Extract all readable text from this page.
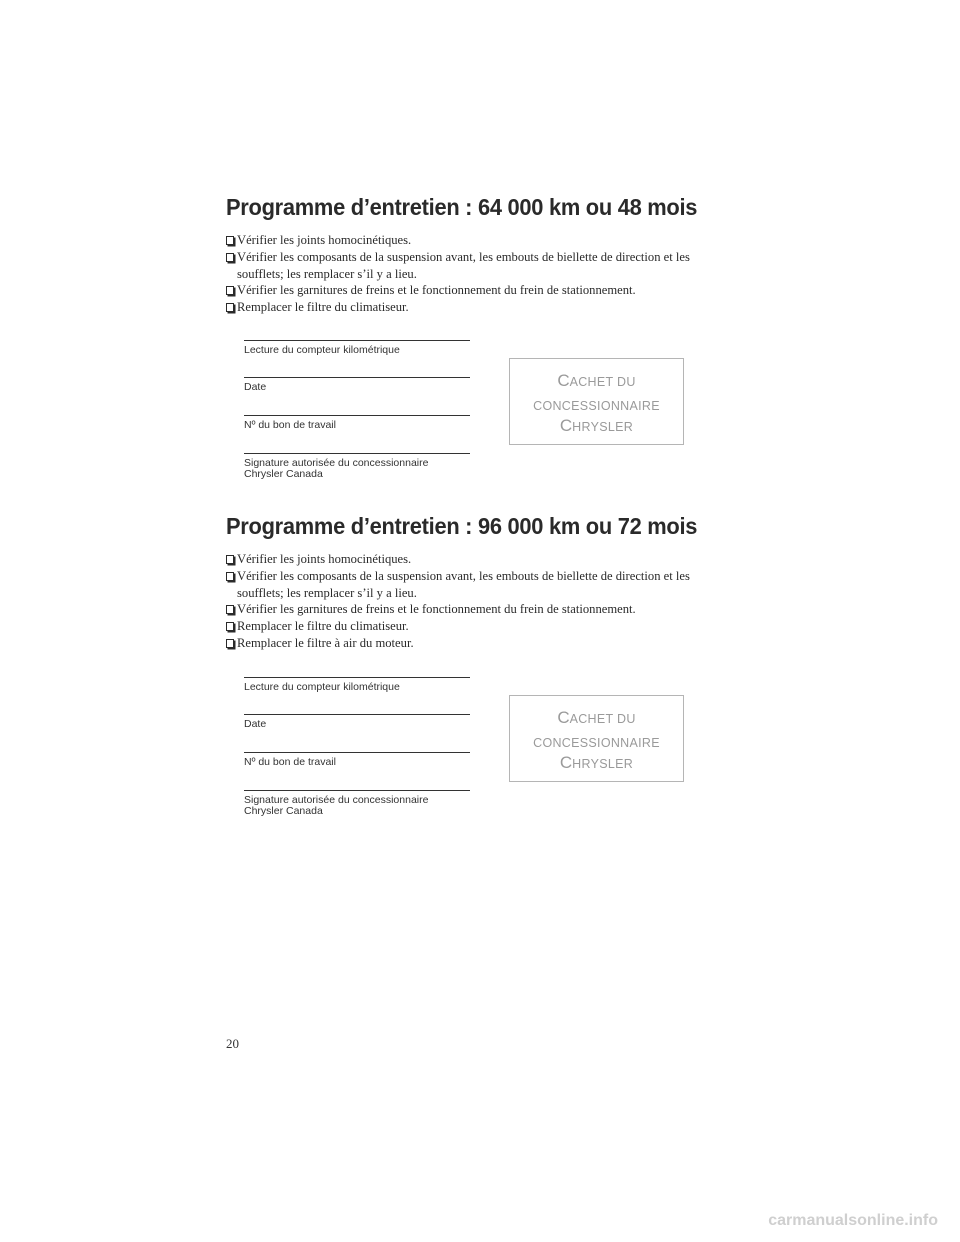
Programme d’entretien : 64 000 km ou 48 mois
Vérifier les joints homocinétiques.
Vérifier les composants de la suspension avant, les embouts de biellette de direction et les soufflets; les remplacer s’il y a lieu.
Vérifier les garnitures de freins et le fonctionnement du frein de stationnement.
Remplacer le filtre du climatiseur.
Lecture du compteur kilométrique
Date
Nº du bon de travail
Signature autorisée du concessionnaire
Chrysler Canada
CACHET DU
CONCESSIONNAIRE
CHRYSLER
Programme d’entretien : 96 000 km ou 72 mois
Vérifier les joints homocinétiques.
Vérifier les composants de la suspension avant, les embouts de biellette de direction et les soufflets; les remplacer s’il y a lieu.
Vérifier les garnitures de freins et le fonctionnement du frein de stationnement.
Remplacer le filtre du climatiseur.
Remplacer le filtre à air du moteur.
Lecture du compteur kilométrique
Date
Nº du bon de travail
Signature autorisée du concessionnaire
Chrysler Canada
CACHET DU
CONCESSIONNAIRE
CHRYSLER
20
carmanualsonline.info
